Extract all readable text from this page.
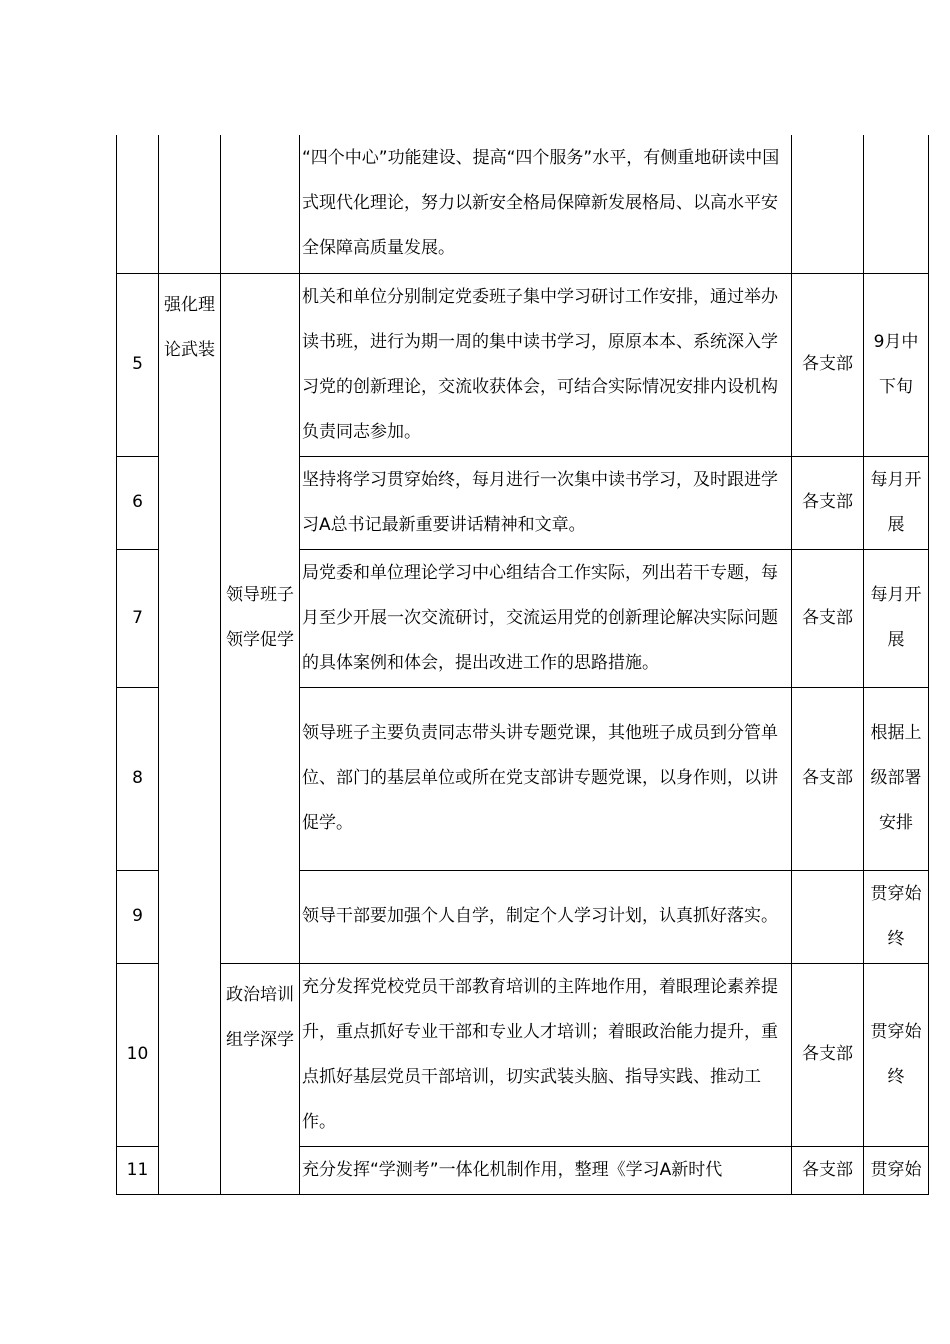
			“四个中心”功能建设、提高“四个服务”水平，有侧重地研读中国式现代化理论，努力以新安全格局保障新发展格局、以高水平安全保障高质量发展。		
5	强化理论武装	领导班子领学促学	机关和单位分别制定党委班子集中学习研讨工作安排，通过举办读书班，进行为期一周的集中读书学习，原原本本、系统深入学习党的创新理论，交流收获体会，可结合实际情况安排内设机构负责同志参加。	各支部	9月中下旬
6			坚持将学习贯穿始终，每月进行一次集中读书学习，及时跟进学习A总书记最新重要讲话精神和文章。	各支部	每月开展
7			局党委和单位理论学习中心组结合工作实际，列出若干专题，每月至少开展一次交流研讨，交流运用党的创新理论解决实际问题的具体案例和体会，提出改进工作的思路措施。	各支部	每月开展
8			领导班子主要负责同志带头讲专题党课，其他班子成员到分管单位、部门的基层单位或所在党支部讲专题党课，以身作则，以讲促学。	各支部	根据上级部署安排
9			领导干部要加强个人自学，制定个人学习计划，认真抓好落实。		贯穿始终
10		政治培训组学深学	充分发挥党校党员干部教育培训的主阵地作用，着眼理论素养提升，重点抓好专业干部和专业人才培训；着眼政治能力提升，重点抓好基层党员干部培训，切实武装头脑、指导实践、推动工作。	各支部	贯穿始终
11			充分发挥“学测考”一体化机制作用，整理《学习A新时代	各支部	贯穿始
